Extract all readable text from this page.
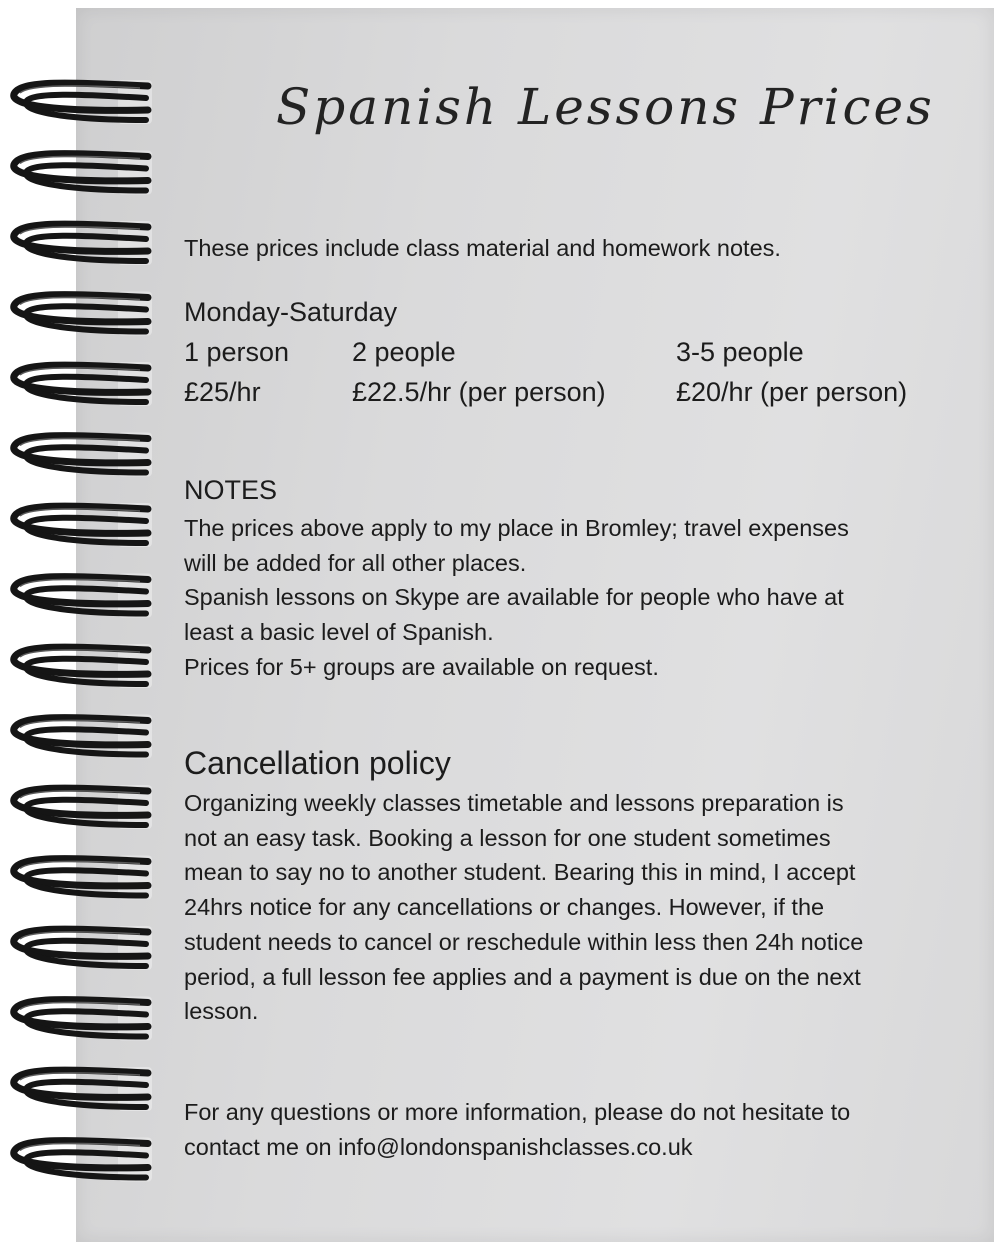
Spanish Lessons Prices
These prices include class material and homework notes.
Monday-Saturday
1 person 2 people	3-5 people
£25/hr	£22.5/hr (per person)	£20/hr (per person)
NOTES
The prices above apply to my place in Bromley; travel expenses
will be added for all other places.
Spanish lessons on Skype are available for people who have at
least a basic level of Spanish.
Prices for 5+ groups are available on request.
Cancellation policy
Organizing weekly classes timetable and lessons preparation is
not an easy task. Booking a lesson for one student sometimes
mean to say no to another student. Bearing this in mind, I accept
24hrs notice for any cancellations or changes. However, if the
student needs to cancel or reschedule within less then 24h notice
period, a full lesson fee applies and a payment is due on the next
lesson.
For any questions or more information, please do not hesitate to
contact me on info@londonspanishclasses.co.uk
